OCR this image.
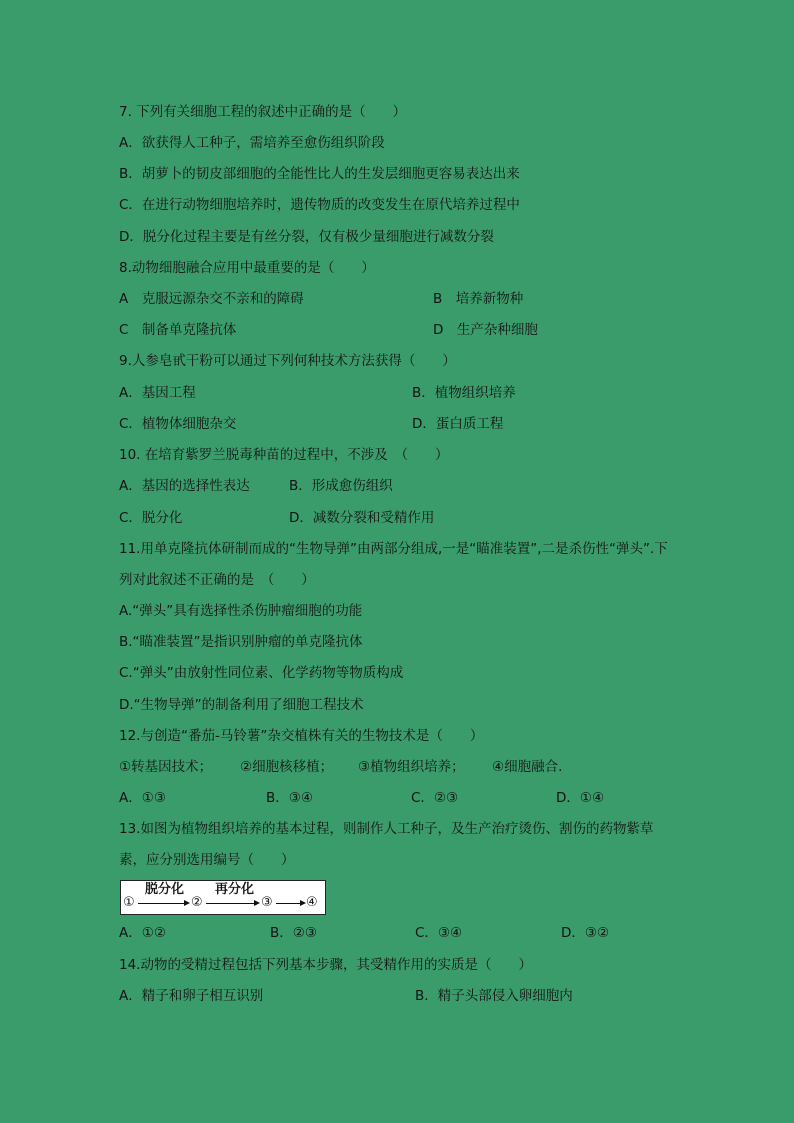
7. 下列有关细胞工程的叙述中正确的是（　　）
A．欲获得人工种子，需培养至愈伤组织阶段
B．胡萝卜的韧皮部细胞的全能性比人的生发层细胞更容易表达出来
C．在进行动物细胞培养时，遗传物质的改变发生在原代培养过程中
D．脱分化过程主要是有丝分裂，仅有极少量细胞进行减数分裂
8.动物细胞融合应用中最重要的是（　　）
A　克服远源杂交不亲和的障碍	B　培养新物种
C　制备单克隆抗体	D　生产杂种细胞
9.人参皂甙干粉可以通过下列何种技术方法获得（　　）
A．基因工程	B．植物组织培养
C．植物体细胞杂交	D．蛋白质工程
10. 在培育紫罗兰脱毒种苗的过程中，不涉及　（　　）
A．基因的选择性表达	B．形成愈伤组织
C．脱分化	D．减数分裂和受精作用
11.用单克隆抗体研制而成的“生物导弹”由两部分组成,一是“瞄准装置”,二是杀伤性“弹头”.下
列对此叙述不正确的是　（　　）
A.“弹头”具有选择性杀伤肿瘤细胞的功能
B.“瞄准装置”是指识别肿瘤的单克隆抗体
C.“弹头”由放射性同位素、化学药物等物质构成
D.“生物导弹”的制备利用了细胞工程技术
12.与创造“番茄-马铃薯”杂交植株有关的生物技术是（　　）
①转基因技术； ②细胞核移植； ③植物组织培养； ④细胞融合.
A．①③	B．③④	C．②③	D．①④
13.如图为植物组织培养的基本过程，则制作人工种子，及生产治疗烫伤、割伤的药物紫草
素，应分别选用编号（　　）
①	②	③	④
脱分化 再分化
A．①②	B．②③	C．③④	D．③②
14.动物的受精过程包括下列基本步骤，其受精作用的实质是（　　）
A．精子和卵子相互识别	B．精子头部侵入卵细胞内
